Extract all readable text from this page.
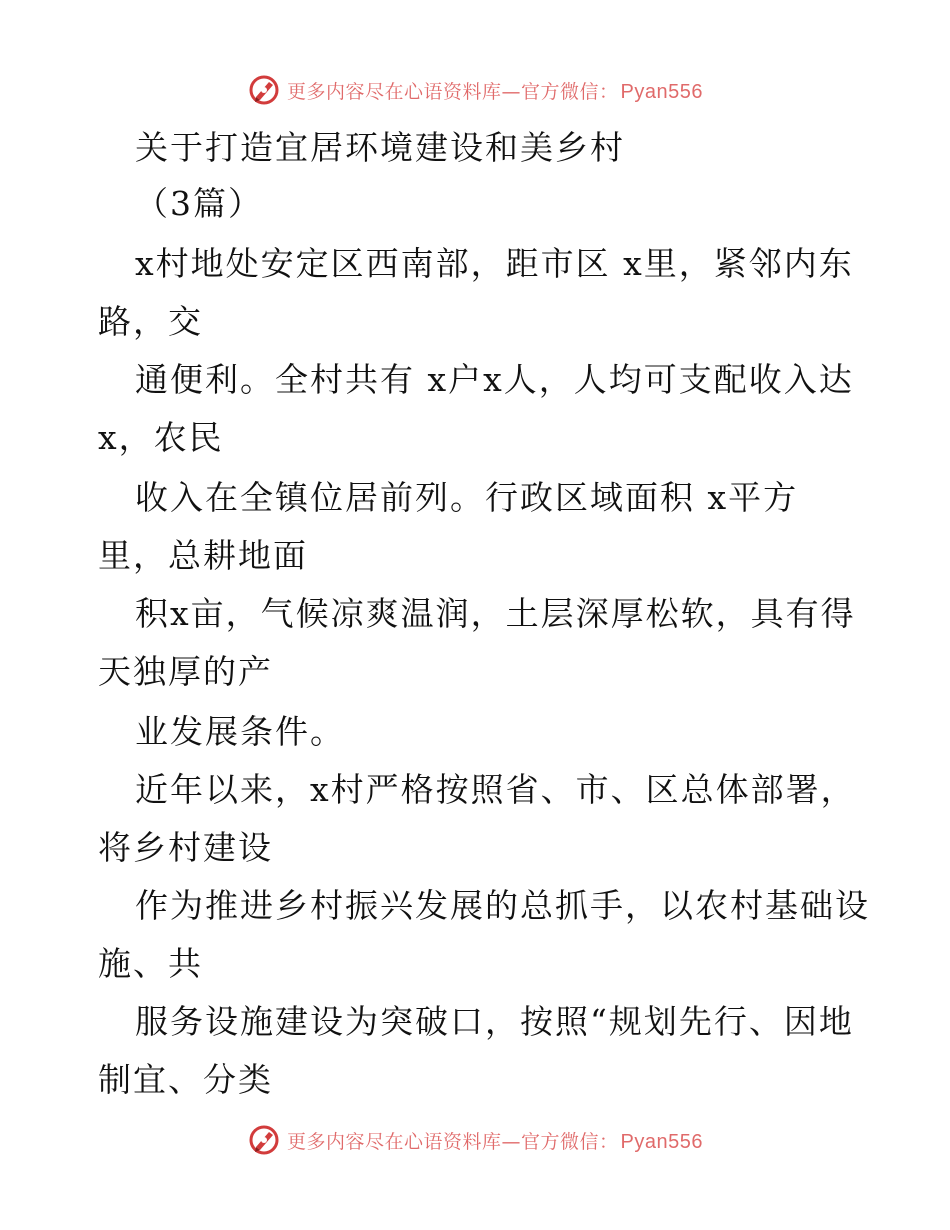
更多内容尽在心语资料库—官方微信： Pyan556
关于打造宜居环境建设和美乡村
（3篇）
x村地处安定区西南部，距市区 x里，紧邻内东
路，交
通便利。全村共有 x户x人，人均可支配收入达
x，农民
收入在全镇位居前列。行政区域面积 x平方
里，总耕地面
积x亩，气候凉爽温润，土层深厚松软，具有得
天独厚的产
业发展条件。
近年以来，x村严格按照省、市、区总体部署，
将乡村建设
作为推进乡村振兴发展的总抓手，以农村基础设
施、共
服务设施建设为突破口，按照“规划先行、因地
制宜、分类
更多内容尽在心语资料库—官方微信： Pyan556
